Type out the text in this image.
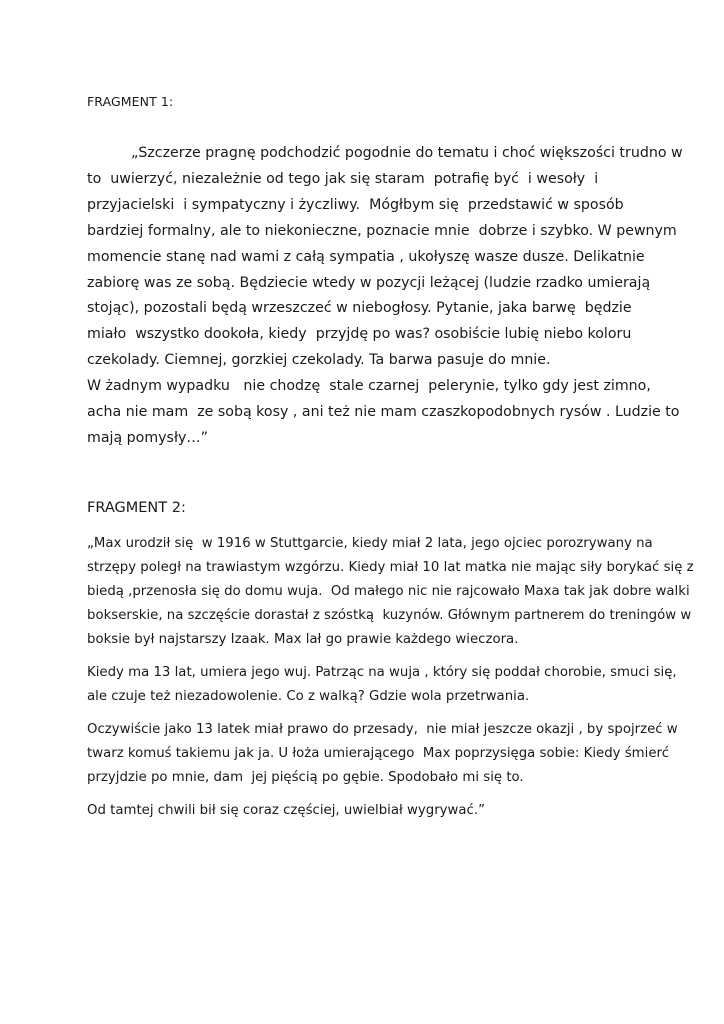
FRAGMENT 1:
„Szczerze pragnę podchodzić pogodnie do tematu i choć większości trudno w
to  uwierzyć, niezależnie od tego jak się staram  potrafię być  i wesoły  i
przyjacielski  i sympatyczny i życzliwy.  Mógłbym się  przedstawić w sposób
bardziej formalny, ale to niekonieczne, poznacie mnie  dobrze i szybko. W pewnym
momencie stanę nad wami z całą sympatia , ukołyszę wasze dusze. Delikatnie
zabiorę was ze sobą. Będziecie wtedy w pozycji leżącej (ludzie rzadko umierają
stojąc), pozostali będą wrzeszczeć w niebogłosy. Pytanie, jaka barwę  będzie
miało  wszystko dookoła, kiedy  przyjdę po was? osobiście lubię niebo koloru
czekolady. Ciemnej, gorzkiej czekolady. Ta barwa pasuje do mnie.
W żadnym wypadku   nie chodzę  stale czarnej  pelerynie, tylko gdy jest zimno,
acha nie mam  ze sobą kosy , ani też nie mam czaszkopodobnych rysów . Ludzie to
mają pomysły…”
FRAGMENT 2:
„Max urodził się  w 1916 w Stuttgarcie, kiedy miał 2 lata, jego ojciec porozrywany na
strzępy poległ na trawiastym wzgórzu. Kiedy miał 10 lat matka nie mając siły borykać się z
biedą ,przenosła się do domu wuja.  Od małego nic nie rajcowało Maxa tak jak dobre walki
bokserskie, na szczęście dorastał z szóstką  kuzynów. Głównym partnerem do treningów w
boksie był najstarszy Izaak. Max lał go prawie każdego wieczora.
Kiedy ma 13 lat, umiera jego wuj. Patrząc na wuja , który się poddał chorobie, smuci się,
ale czuje też niezadowolenie. Co z walką? Gdzie wola przetrwania.
Oczywiście jako 13 latek miał prawo do przesady,  nie miał jeszcze okazji , by spojrzeć w
twarz komuś takiemu jak ja. U łoża umierającego  Max poprzysięga sobie: Kiedy śmierć
przyjdzie po mnie, dam  jej pięścią po gębie. Spodobało mi się to.
Od tamtej chwili bił się coraz częściej, uwielbiał wygrywać.”
